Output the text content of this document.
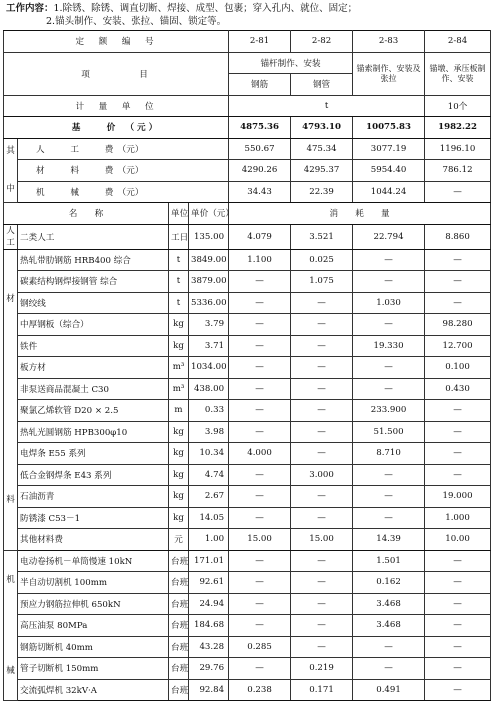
工作内容：1.除锈、除锈、调直切断、焊接、成型、包裹；穿入孔内、就位、固定；
2.锚头制作、安装、张拉、锚固、锁定等。
定　额　编　号				2-81	2-82	2-83	2-84
项　　　　目				锚杆制作、安装		锚索制作、安装及张拉	锚墩、承压板制作、安装
				钢筋	钢管		
计　量　单　位				t			10个
基　　价　（元）				4875.36	4793.10	10075.83	1982.22

其
中	人　　　工　　　费　（元）			550.67	475.34	3077.19	1196.10
	材　　　料　　　费　（元）			4290.26	4295.37	5954.40	786.12
	机　　　械　　　费　（元）			34.43	22.39	1044.24	—
名　　称		单位	单价（元）	消　　耗　　量			

人
工	二类人工	工日	135.00	4.079	3.521	22.794	8.860

材
料	热轧带肋钢筋 HRB400 综合	t	3849.00	1.100	0.025	—	—
	碳素结构钢焊接钢管 综合	t	3879.00	—	1.075	—	—
	钢绞线	t	5336.00	—	—	1.030	—
	中厚钢板（综合）	kg	3.79	—	—	—	98.280
	铁件	kg	3.71	—	—	19.330	12.700
	板方材	m³	1034.00	—	—	—	0.100
	非泵送商品混凝土 C30	m³	438.00	—	—	—	0.430
	聚氯乙烯软管 D20 × 2.5	m	0.33	—	—	233.900	—
	热轧光圆钢筋 HPB300φ10	kg	3.98	—	—	51.500	—
	电焊条 E55 系列	kg	10.34	4.000	—	8.710	—
	低合金钢焊条 E43 系列	kg	4.74	—	3.000	—	—
	石油沥青	kg	2.67	—	—	—	19.000
	防锈漆 C53－1	kg	14.05	—	—	—	1.000
	其他材料费	元	1.00	15.00	15.00	14.39	10.00

机
械	电动卷扬机－单筒慢速 10kN	台班	171.01	—	—	1.501	—
	半自动切割机 100mm	台班	92.61	—	—	0.162	—
	预应力钢筋拉伸机 650kN	台班	24.94	—	—	3.468	—
	高压油泵 80MPa	台班	184.68	—	—	3.468	—
	钢筋切断机 40mm	台班	43.28	0.285	—	—	—
	管子切断机 150mm	台班	29.76	—	0.219	—	—
	交流弧焊机 32kV·A	台班	92.84	0.238	0.171	0.491	—
